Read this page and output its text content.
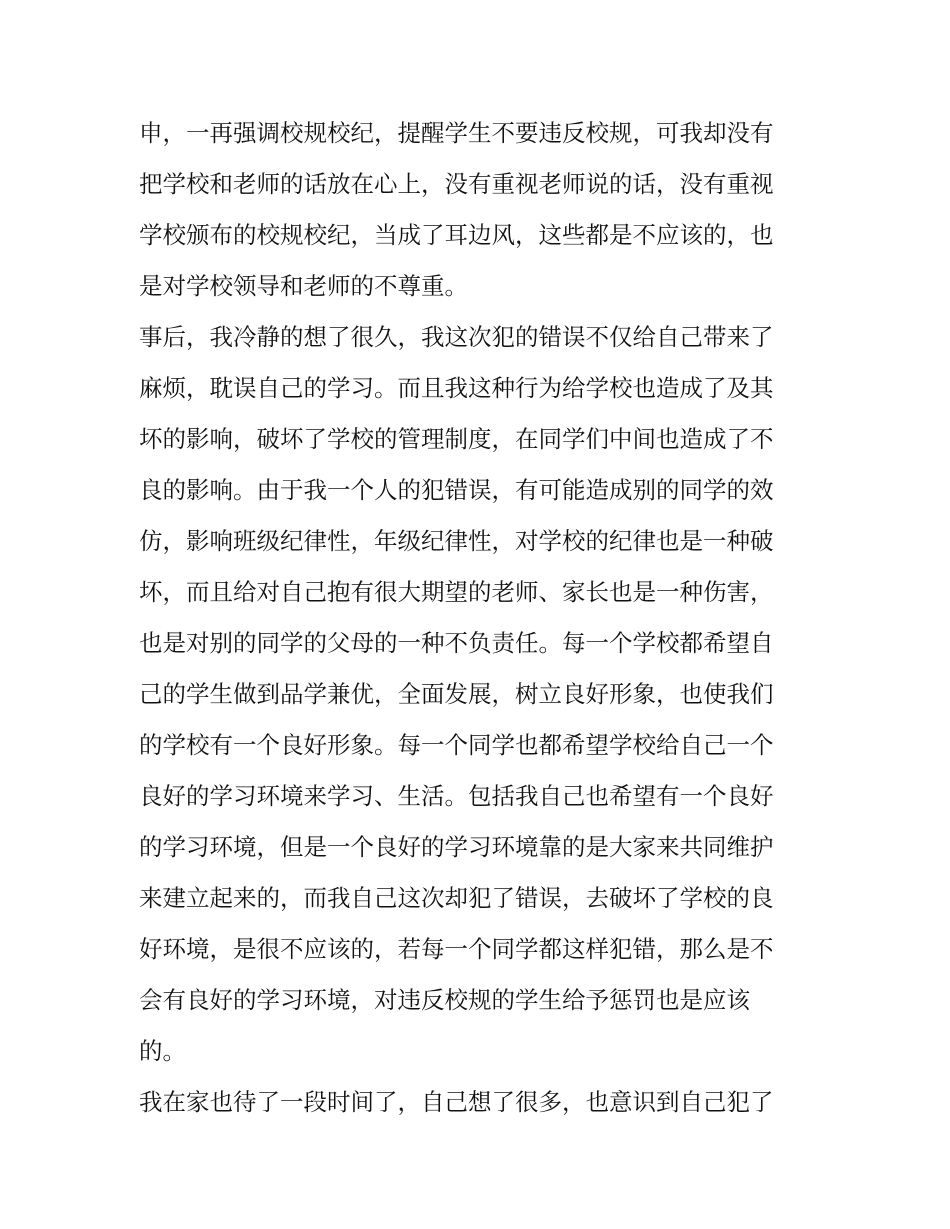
申，一再强调校规校纪，提醒学生不要违反校规，可我却没有
把学校和老师的话放在心上，没有重视老师说的话，没有重视
学校颁布的校规校纪，当成了耳边风，这些都是不应该的，也
是对学校领导和老师的不尊重。
事后，我冷静的想了很久，我这次犯的错误不仅给自己带来了
麻烦，耽误自己的学习。而且我这种行为给学校也造成了及其
坏的影响，破坏了学校的管理制度，在同学们中间也造成了不
良的影响。由于我一个人的犯错误，有可能造成别的同学的效
仿，影响班级纪律性，年级纪律性，对学校的纪律也是一种破
坏，而且给对自己抱有很大期望的老师、家长也是一种伤害，
也是对别的同学的父母的一种不负责任。每一个学校都希望自
己的学生做到品学兼优，全面发展，树立良好形象，也使我们
的学校有一个良好形象。每一个同学也都希望学校给自己一个
良好的学习环境来学习、生活。包括我自己也希望有一个良好
的学习环境，但是一个良好的学习环境靠的是大家来共同维护
来建立起来的，而我自己这次却犯了错误，去破坏了学校的良
好环境，是很不应该的，若每一个同学都这样犯错，那么是不
会有良好的学习环境，对违反校规的学生给予惩罚也是应该
的。
我在家也待了一段时间了，自己想了很多，也意识到自己犯了
